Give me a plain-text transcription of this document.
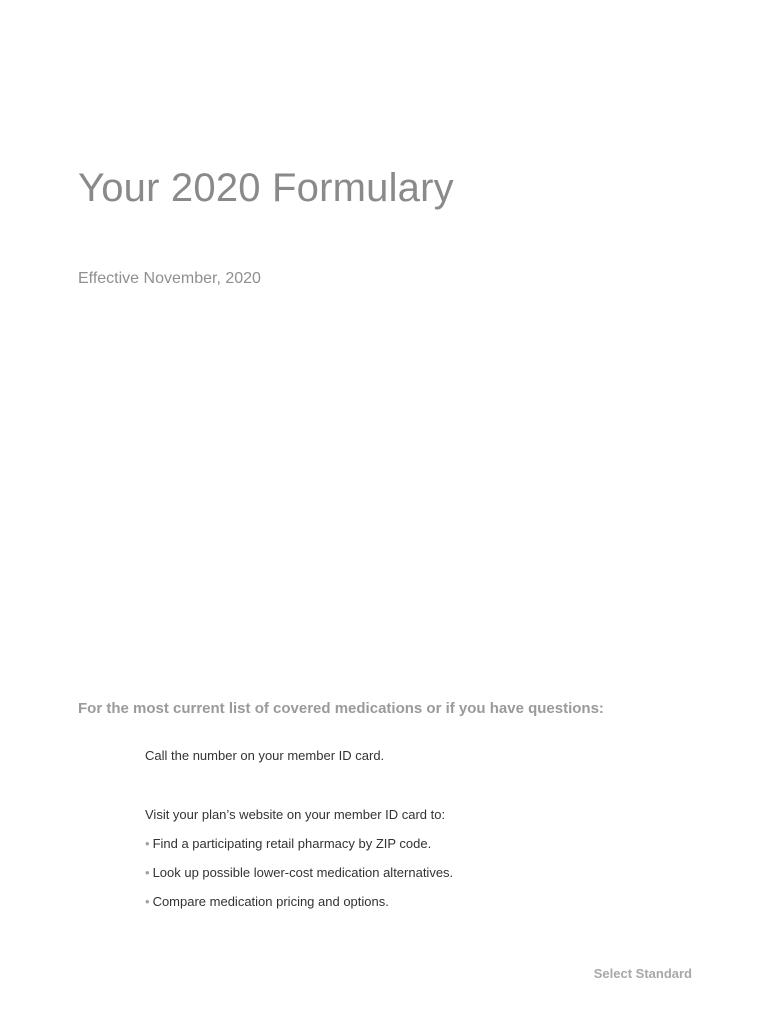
Your 2020 Formulary

Effective November, 2020

For the most current list of covered medications or if you have questions:

Call the number on your member ID card.

Visit your plan’s website on your member ID card to:

• Find a participating retail pharmacy by ZIP code.
• Look up possible lower-cost medication alternatives.
• Compare medication pricing and options.

Select Standard
